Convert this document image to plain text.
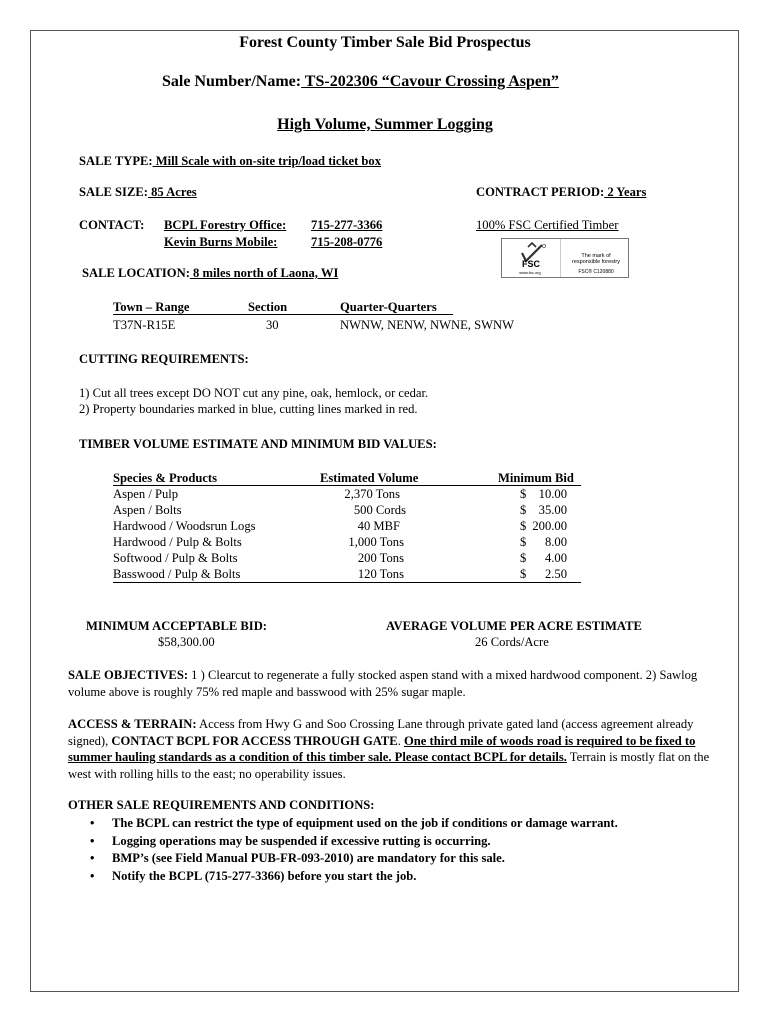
Forest County Timber Sale Bid Prospectus
Sale Number/Name: TS-202306 “Cavour Crossing Aspen”
High Volume, Summer Logging
SALE TYPE: Mill Scale with on-site trip/load ticket box
SALE SIZE: 85 Acres	CONTRACT PERIOD: 2 Years
CONTACT: BCPL Forestry Office: 715-277-3366
Kevin Burns Mobile:	715-208-0776
100% FSC Certified Timber
FSC
www.fsc.org
The mark of
responsible forestry
FSC® C120880
SALE LOCATION: 8 miles north of Laona, WI
Town – Range	Section	Quarter-Quarters
T37N-R15E	30	NWNW, NENW, NWNE, SWNW
CUTTING REQUIREMENTS:
1) Cut all trees except DO NOT cut any pine, oak, hemlock, or cedar.
2) Property boundaries marked in blue, cutting lines marked in red.
TIMBER VOLUME ESTIMATE AND MINIMUM BID VALUES:
Species & Products	Estimated Volume	Minimum Bid
Aspen / Pulp	2,370 Tons	$ 10.00
Aspen / Bolts	500 Cords	$ 35.00
Hardwood / Woodsrun Logs	40 MBF	$ 200.00
Hardwood / Pulp & Bolts	1,000 Tons	$	8.00
Softwood / Pulp & Bolts	200 Tons	$	4.00
Basswood / Pulp & Bolts	120 Tons	$	2.50
MINIMUM ACCEPTABLE BID:
$58,300.00
AVERAGE VOLUME PER ACRE ESTIMATE
26 Cords/Acre
SALE OBJECTIVES: 1 ) Clearcut to regenerate a fully stocked aspen stand with a mixed hardwood component. 2) Sawlog volume above is roughly 75% red maple and basswood with 25% sugar maple.
ACCESS & TERRAIN: Access from Hwy G and Soo Crossing Lane through private gated land (access agreement already signed), CONTACT BCPL FOR ACCESS THROUGH GATE. One third mile of woods road is required to be fixed to summer hauling standards as a condition of this timber sale. Please contact BCPL for details. Terrain is mostly flat on the west with rolling hills to the east; no operability issues.
OTHER SALE REQUIREMENTS AND CONDITIONS:
• The BCPL can restrict the type of equipment used on the job if conditions or damage warrant.
• Logging operations may be suspended if excessive rutting is occurring.
• BMP’s (see Field Manual PUB-FR-093-2010) are mandatory for this sale.
• Notify the BCPL (715-277-3366) before you start the job.
